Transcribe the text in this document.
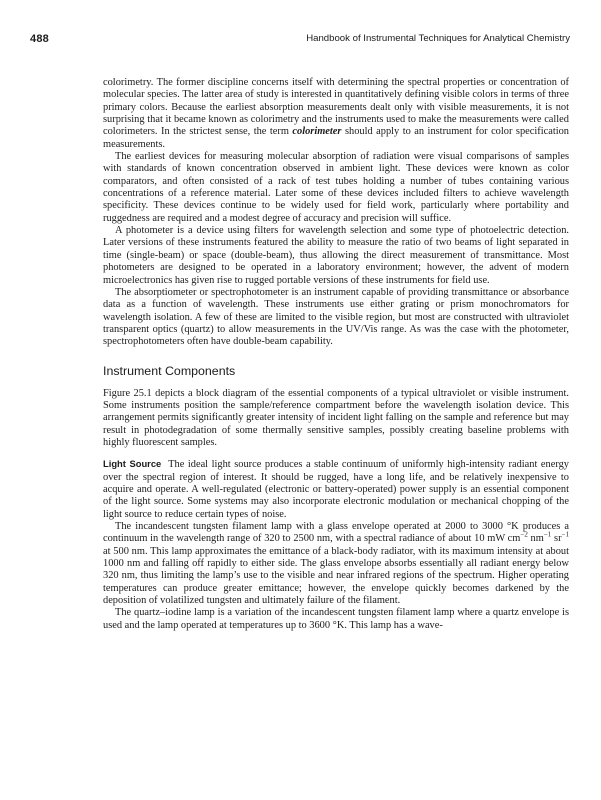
488	Handbook of Instrumental Techniques for Analytical Chemistry

colorimetry. The former discipline concerns itself with determining the spectral properties or concentration of molecular species. The latter area of study is interested in quantitatively defining visible colors in terms of three primary colors. Because the earliest absorption measurements dealt only with visible measurements, it is not surprising that it became known as colorimetry and the instruments used to make the measurements were called colorimeters. In the strictest sense, the term colorimeter should apply to an instrument for color specification measurements.

The earliest devices for measuring molecular absorption of radiation were visual comparisons of samples with standards of known concentration observed in ambient light. These devices were known as color comparators, and often consisted of a rack of test tubes holding a number of tubes containing various concentrations of a reference material. Later some of these devices included filters to achieve wavelength specificity. These devices continue to be widely used for field work, particularly where portability and ruggedness are required and a modest degree of accuracy and precision will suffice.

A photometer is a device using filters for wavelength selection and some type of photoelectric detection. Later versions of these instruments featured the ability to measure the ratio of two beams of light separated in time (single-beam) or space (double-beam), thus allowing the direct measurement of transmittance. Most photometers are designed to be operated in a laboratory environment; however, the advent of modern microelectronics has given rise to rugged portable versions of these instruments for field use.

The absorptiometer or spectrophotometer is an instrument capable of providing transmittance or absorbance data as a function of wavelength. These instruments use either grating or prism monochromators for wavelength isolation. A few of these are limited to the visible region, but most are constructed with ultraviolet transparent optics (quartz) to allow measurements in the UV/Vis range. As was the case with the photometer, spectrophotometers often have double-beam capability.

Instrument Components

Figure 25.1 depicts a block diagram of the essential components of a typical ultraviolet or visible instrument. Some instruments position the sample/reference compartment before the wavelength isolation device. This arrangement permits significantly greater intensity of incident light falling on the sample and reference but may result in photodegradation of some thermally sensitive samples, possibly creating baseline problems with highly fluorescent samples.

Light Source The ideal light source produces a stable continuum of uniformly high-intensity radiant energy over the spectral region of interest. It should be rugged, have a long life, and be relatively inexpensive to acquire and operate. A well-regulated (electronic or battery-operated) power supply is an essential component of the light source. Some systems may also incorporate electronic modulation or mechanical chopping of the light source to reduce certain types of noise.

The incandescent tungsten filament lamp with a glass envelope operated at 2000 to 3000 °K produces a continuum in the wavelength range of 320 to 2500 nm, with a spectral radiance of about 10 mW $cm^{-2}$ $nm^{-1}$ $sr^{-1}$ at 500 nm. This lamp approximates the emittance of a black-body radiator, with its maximum intensity at about 1000 nm and falling off rapidly to either side. The glass envelope absorbs essentially all radiant energy below 320 nm, thus limiting the lamp’s use to the visible and near infrared regions of the spectrum. Higher operating temperatures can produce greater emittance; however, the envelope quickly becomes darkened by the deposition of volatilized tungsten and ultimately failure of the filament.

The quartz–iodine lamp is a variation of the incandescent tungsten filament lamp where a quartz envelope is used and the lamp operated at temperatures up to 3600 °K. This lamp has a wave-
